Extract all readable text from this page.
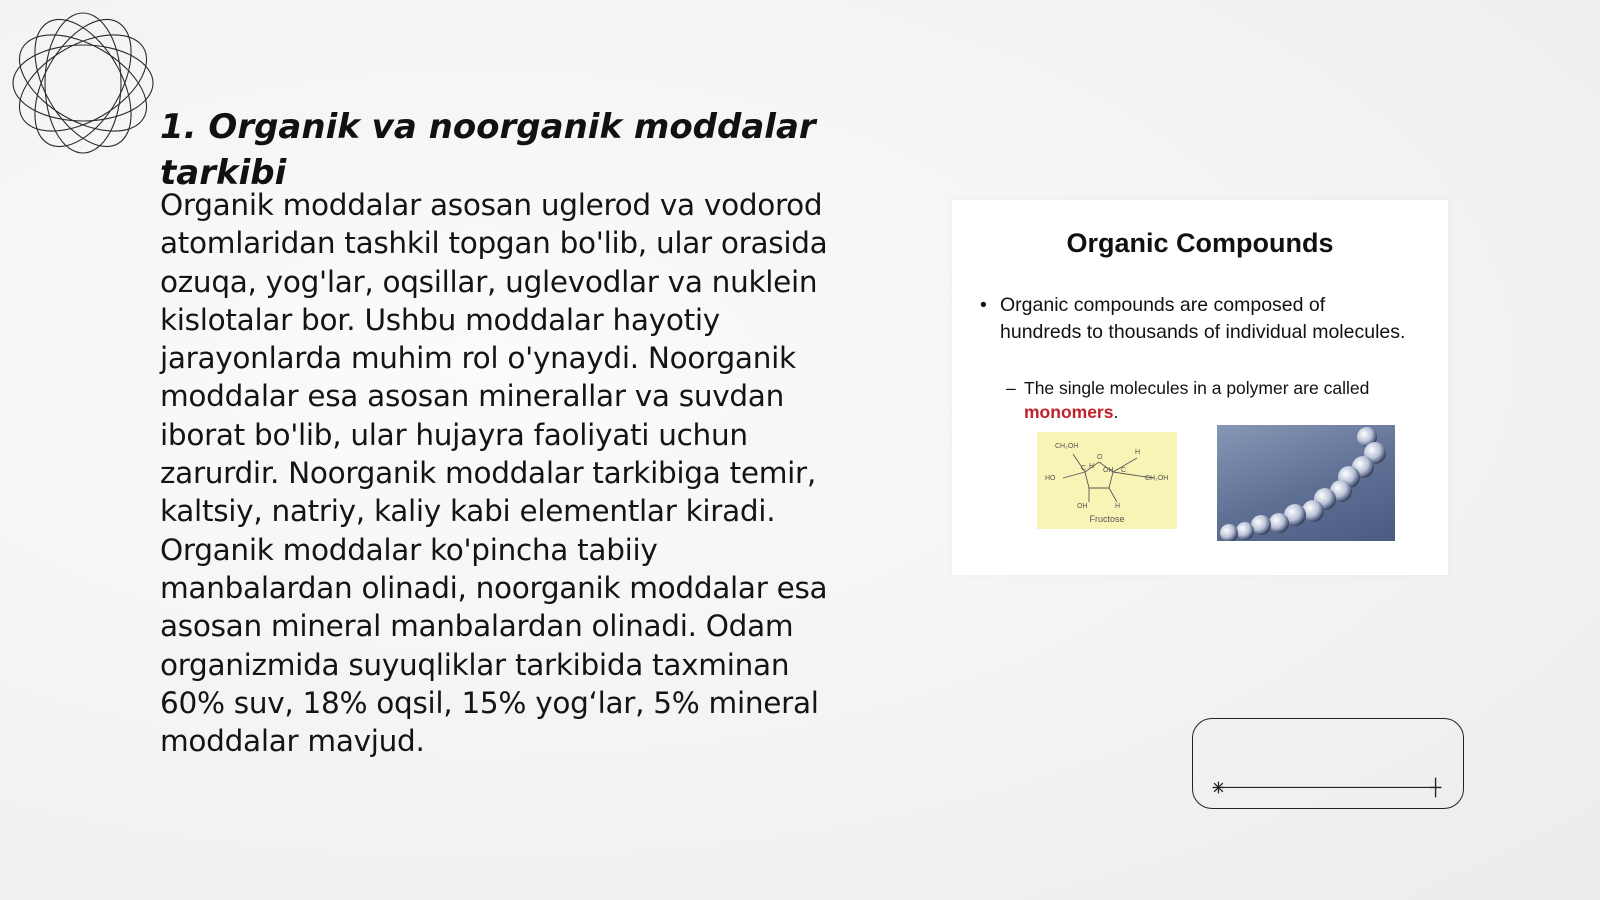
1. Organik va noorganik moddalar tarkibi

Organik moddalar asosan uglerod va vodorod atomlaridan tashkil topgan bo'lib, ular orasida ozuqa, yog'lar, oqsillar, uglevodlar va nuklein kislotalar bor. Ushbu moddalar hayotiy jarayonlarda muhim rol o'ynaydi. Noorganik moddalar esa asosan minerallar va suvdan iborat bo'lib, ular hujayra faoliyati uchun zarurdir. Noorganik moddalar tarkibiga temir, kaltsiy, natriy, kaliy kabi elementlar kiradi. Organik moddalar ko'pincha tabiiy manbalardan olinadi, noorganik moddalar esa asosan mineral manbalardan olinadi. Odam organizmida suyuqliklar tarkibida taxminan 60% suv, 18% oqsil, 15% yog‘lar, 5% mineral moddalar mavjud.

Organic Compounds
• Organic compounds are composed of hundreds to thousands of individual molecules.
– The single molecules in a polymer are called
monomers.
CH₂OH
O
H
HO
C H
OH C
CH₂OH
OH	H
Fructose
